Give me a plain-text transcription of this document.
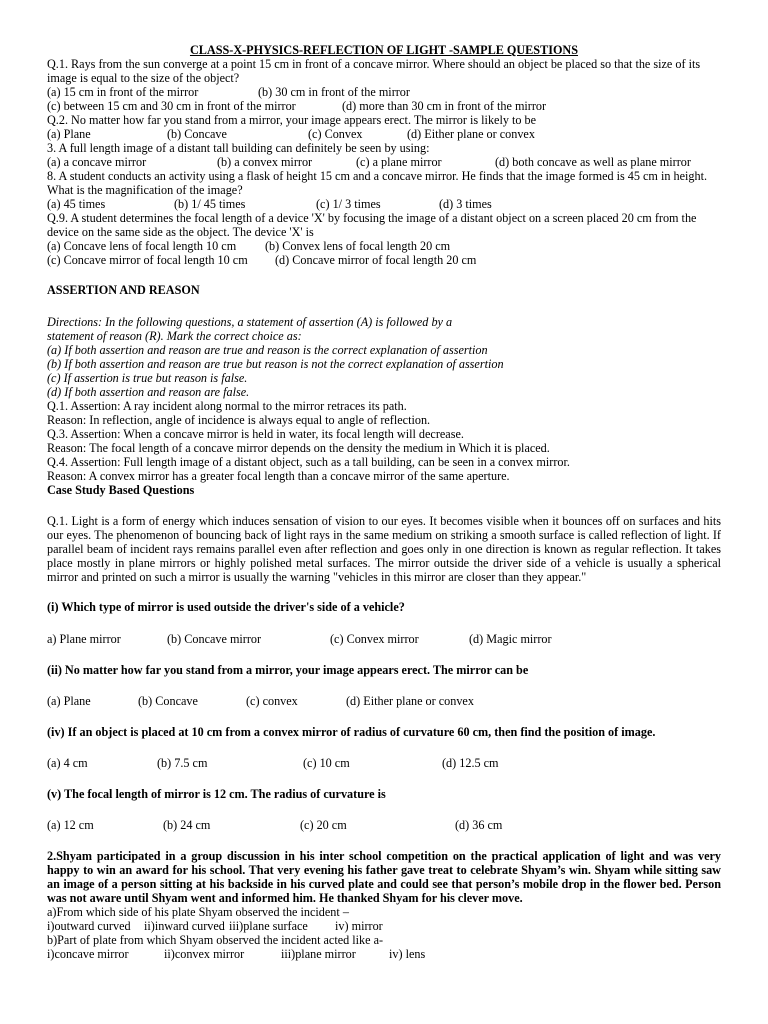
CLASS-X-PHYSICS-REFLECTION OF LIGHT -SAMPLE QUESTIONS

Q.1. Rays from the sun converge at a point 15 cm in front of a concave mirror. Where should an object be placed so that the size of its image is equal to the size of the object?

(a) 15 cm in front of the mirror	(b) 30 cm in front of the mirror
(c) between 15 cm and 30 cm in front of the mirror	(d) more than 30 cm in front of the mirror

Q.2. No matter how far you stand from a mirror, your image appears erect. The mirror is likely to be

(a) Plane	(b) Concave	(c) Convex	(d) Either plane or convex

3. A full length image of a distant tall building can definitely be seen by using:

(a) a concave mirror	(b) a convex mirror	(c) a plane mirror	(d) both concave as well as plane mirror

8. A student conducts an activity using a flask of height 15 cm and a concave mirror. He finds that the image formed is 45 cm in height. What is the magnification of the image?

(a) 45 times	(b) 1/ 45 times	(c) 1/ 3 times	(d) 3 times

Q.9. A student determines the focal length of a device 'X' by focusing the image of a distant object on a screen placed 20 cm from the device on the same side as the object. The device 'X' is

(a) Concave lens of focal length 10 cm	(b) Convex lens of focal length 20 cm
(c) Concave mirror of focal length 10 cm	(d) Concave mirror of focal length 20 cm

ASSERTION AND REASON

Directions: In the following questions, a statement of assertion (A) is followed by a

statement of reason (R). Mark the correct choice as:

(a) If both assertion and reason are true and reason is the correct explanation of assertion

(b) If both assertion and reason are true but reason is not the correct explanation of assertion

(c) If assertion is true but reason is false.

(d) If both assertion and reason are false.

Q.1. Assertion: A ray incident along normal to the mirror retraces its path.

Reason: In reflection, angle of incidence is always equal to angle of reflection.

Q.3. Assertion: When a concave mirror is held in water, its focal length will decrease.

Reason: The focal length of a concave mirror depends on the density the medium in Which it is placed.

Q.4. Assertion: Full length image of a distant object, such as a tall building, can be seen in a convex mirror.

Reason: A convex mirror has a greater focal length than a concave mirror of the same aperture.

Case Study Based Questions

Q.1. Light is a form of energy which induces sensation of vision to our eyes. It becomes visible when it bounces off on surfaces and hits our eyes. The phenomenon of bouncing back of light rays in the same medium on striking a smooth surface is called reflection of light. If parallel beam of incident rays remains parallel even after reflection and goes only in one direction is known as regular reflection. It takes place mostly in plane mirrors or highly polished metal surfaces. The mirror outside the driver side of a vehicle is usually a spherical mirror and printed on such a mirror is usually the warning "vehicles in this mirror are closer than they appear."

(i) Which type of mirror is used outside the driver's side of a vehicle?

a) Plane mirror	(b) Concave mirror	(c) Convex mirror	(d) Magic mirror

(ii) No matter how far you stand from a mirror, your image appears erect. The mirror can be

(a) Plane	(b) Concave	(c) convex	(d) Either plane or convex

(iv) If an object is placed at 10 cm from a convex mirror of radius of curvature 60 cm, then find the position of image.

(a) 4 cm	(b) 7.5 cm	(c) 10 cm	(d) 12.5 cm

(v) The focal length of mirror is 12 cm. The radius of curvature is

(a) 12 cm	(b) 24 cm	(c) 20 cm	(d) 36 cm

2.Shyam participated in a group discussion in his inter school competition on the practical application of light and was very happy to win an award for his school. That very evening his father gave treat to celebrate Shyam’s win. Shyam while sitting saw an image of a person sitting at his backside in his curved plate and could see that person’s mobile drop in the flower bed. Person was not aware until Shyam went and informed him. He thanked Shyam for his clever move.

a)From which side of his plate Shyam observed the incident –

i)outward curved	ii)inward curved iii)plane surface	iv) mirror

b)Part of plate from which Shyam observed the incident acted like a-

i)concave mirror	ii)convex mirror	iii)plane mirror	iv) lens
